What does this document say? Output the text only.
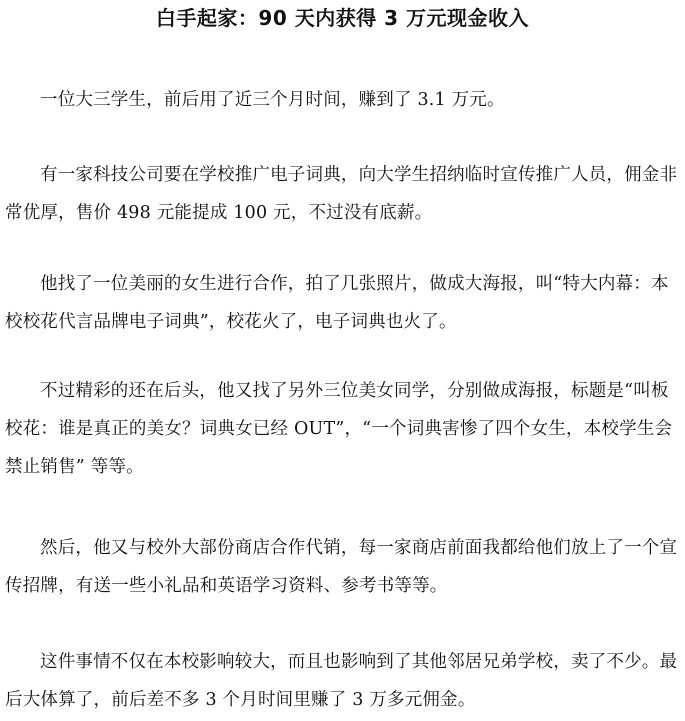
白手起家：90 天内获得 3 万元现金收入

一位大三学生，前后用了近三个月时间，赚到了 3.1 万元。

有一家科技公司要在学校推广电子词典，向大学生招纳临时宣传推广人员，佣金非常优厚，售价 498 元能提成 100 元，不过没有底薪。

他找了一位美丽的女生进行合作，拍了几张照片，做成大海报，叫“特大内幕：本校校花代言品牌电子词典”，校花火了，电子词典也火了。

不过精彩的还在后头，他又找了另外三位美女同学，分别做成海报，标题是“叫板校花：谁是真正的美女？词典女已经 OUT”，“一个词典害惨了四个女生，本校学生会禁止销售” 等等。

然后，他又与校外大部份商店合作代销，每一家商店前面我都给他们放上了一个宣传招牌，有送一些小礼品和英语学习资料、参考书等等。

这件事情不仅在本校影响较大，而且也影响到了其他邻居兄弟学校，卖了不少。最后大体算了，前后差不多 3 个月时间里赚了 3 万多元佣金。
